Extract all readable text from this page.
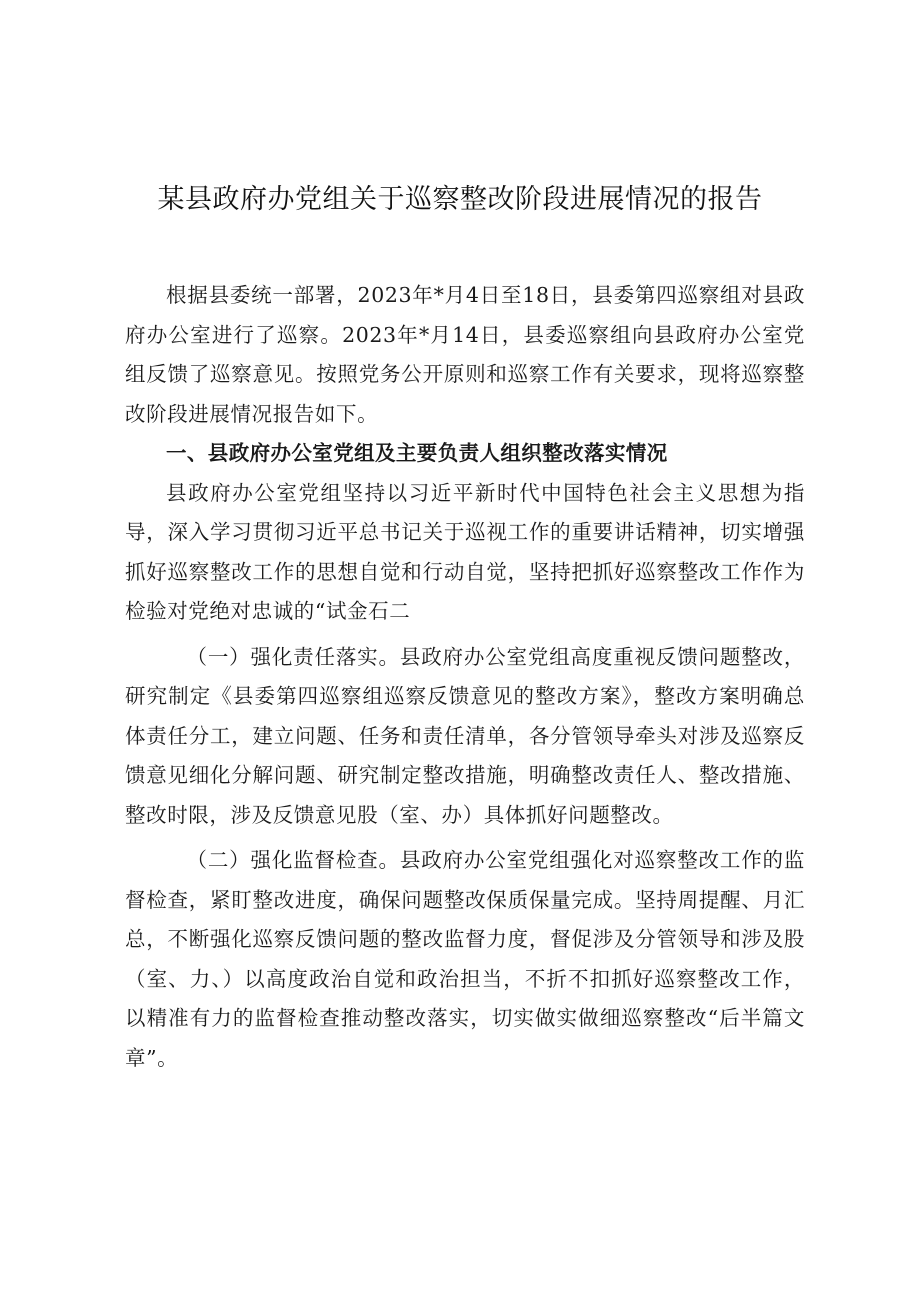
某县政府办党组关于巡察整改阶段进展情况的报告

根据县委统一部署，2023年*月4日至18日，县委第四巡察组对县政府办公室进行了巡察。2023年*月14日，县委巡察组向县政府办公室党组反馈了巡察意见。按照党务公开原则和巡察工作有关要求，现将巡察整改阶段进展情况报告如下。

一、县政府办公室党组及主要负责人组织整改落实情况

县政府办公室党组坚持以习近平新时代中国特色社会主义思想为指导，深入学习贯彻习近平总书记关于巡视工作的重要讲话精神，切实增强抓好巡察整改工作的思想自觉和行动自觉，坚持把抓好巡察整改工作作为检验对党绝对忠诚的“试金石二

（一）强化责任落实。县政府办公室党组高度重视反馈问题整改，研究制定《县委第四巡察组巡察反馈意见的整改方案》，整改方案明确总体责任分工，建立问题、任务和责任清单，各分管领导牵头对涉及巡察反馈意见细化分解问题、研究制定整改措施，明确整改责任人、整改措施、整改时限，涉及反馈意见股（室、办）具体抓好问题整改。

（二）强化监督检查。县政府办公室党组强化对巡察整改工作的监督检查，紧盯整改进度，确保问题整改保质保量完成。坚持周提醒、月汇总，不断强化巡察反馈问题的整改监督力度，督促涉及分管领导和涉及股（室、力、）以高度政治自觉和政治担当，不折不扣抓好巡察整改工作，以精准有力的监督检查推动整改落实，切实做实做细巡察整改“后半篇文章”。
